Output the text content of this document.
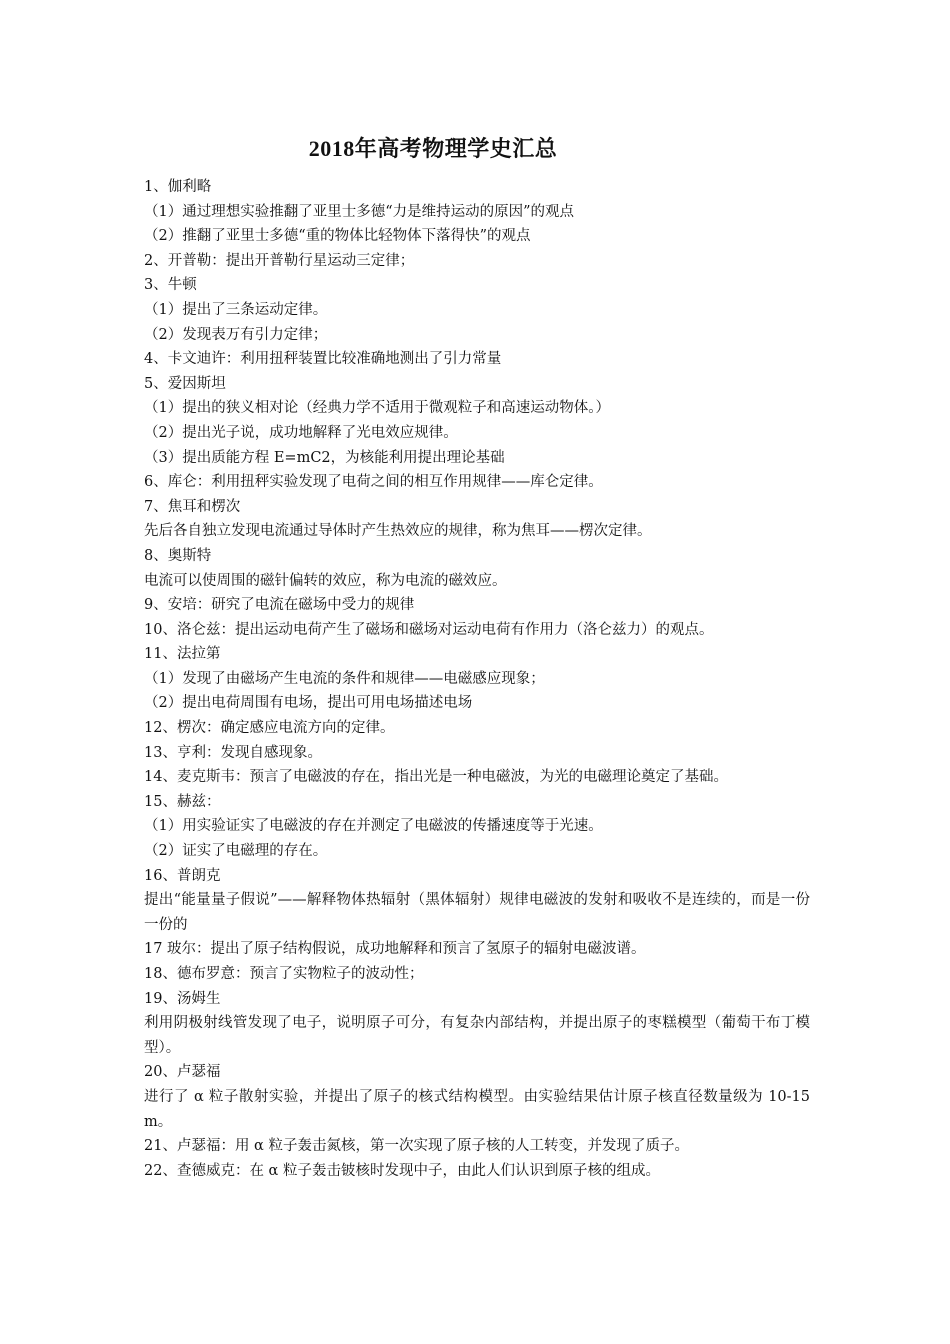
2018年高考物理学史汇总
1、伽利略
（1）通过理想实验推翻了亚里士多德“力是维持运动的原因”的观点
（2）推翻了亚里士多德“重的物体比轻物体下落得快”的观点
2、开普勒：提出开普勒行星运动三定律；
3、牛顿
（1）提出了三条运动定律。
（2）发现表万有引力定律；
4、卡文迪许：利用扭秤装置比较准确地测出了引力常量
5、爱因斯坦
（1）提出的狭义相对论（经典力学不适用于微观粒子和高速运动物体。）
（2）提出光子说，成功地解释了光电效应规律。
（3）提出质能方程 E=mC2，为核能利用提出理论基础
6、库仑：利用扭秤实验发现了电荷之间的相互作用规律——库仑定律。
7、焦耳和楞次
先后各自独立发现电流通过导体时产生热效应的规律，称为焦耳——楞次定律。
8、奥斯特
电流可以使周围的磁针偏转的效应，称为电流的磁效应。
9、安培：研究了电流在磁场中受力的规律
10、洛仑兹：提出运动电荷产生了磁场和磁场对运动电荷有作用力（洛仑兹力）的观点。
11、法拉第
（1）发现了由磁场产生电流的条件和规律——电磁感应现象；
（2）提出电荷周围有电场，提出可用电场描述电场
12、楞次：确定感应电流方向的定律。
13、亨利：发现自感现象。
14、麦克斯韦：预言了电磁波的存在，指出光是一种电磁波，为光的电磁理论奠定了基础。
15、赫兹：
（1）用实验证实了电磁波的存在并测定了电磁波的传播速度等于光速。
（2）证实了电磁理的存在。
16、普朗克
提出“能量量子假说”——解释物体热辐射（黑体辐射）规律电磁波的发射和吸收不是连续的，而是一份一份的
17 玻尔：提出了原子结构假说，成功地解释和预言了氢原子的辐射电磁波谱。
18、德布罗意：预言了实物粒子的波动性；
19、汤姆生
利用阴极射线管发现了电子，说明原子可分，有复杂内部结构，并提出原子的枣糕模型（葡萄干布丁模型）。
20、卢瑟福
进行了 α 粒子散射实验，并提出了原子的核式结构模型。由实验结果估计原子核直径数量级为 10-15 m。
21、卢瑟福：用 α 粒子轰击氮核，第一次实现了原子核的人工转变，并发现了质子。
22、查德威克：在 α 粒子轰击铍核时发现中子，由此人们认识到原子核的组成。
